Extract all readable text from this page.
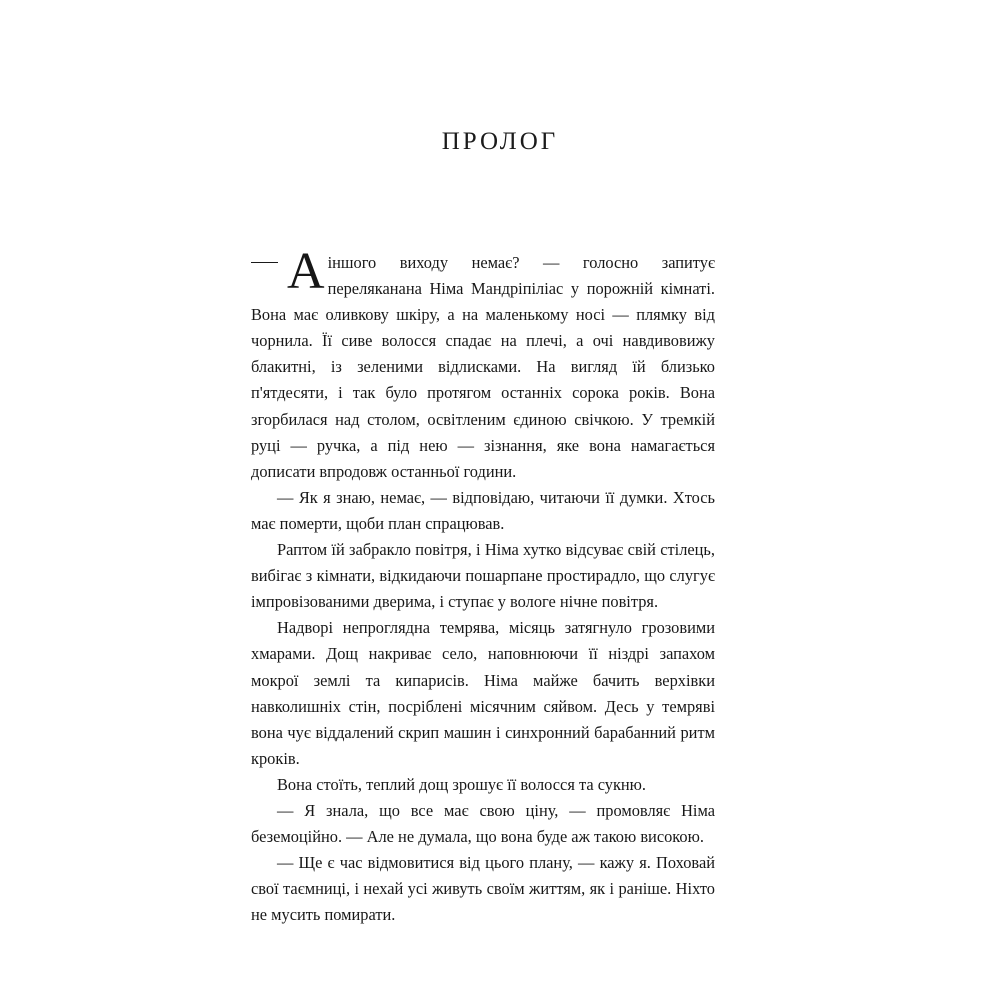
ПРОЛОГ

А іншого виходу немає? — голосно запитує переляканана Німа Мандріпіліас у порожній кімнаті. Вона має оливкову шкіру, а на маленькому носі — плямку від чорнила. Її сиве волосся спадає на плечі, а очі навдивовижу блакитні, із зеленими відлисками. На вигляд їй близько п'ятдесяти, і так було протягом останніх сорока років. Вона згорбилася над столом, освітленим єдиною свічкою. У тремкій руці — ручка, а під нею — зізнання, яке вона намагається дописати впродовж останньої години.

— Як я знаю, немає, — відповідаю, читаючи її думки. Хтось має померти, щоби план спрацював.

Раптом їй забракло повітря, і Німа хутко відсуває свій стілець, вибігає з кімнати, відкидаючи пошарпане простирадло, що слугує імпровізованими дверима, і ступає у вологе нічне повітря.

Надворі непроглядна темрява, місяць затягнуло грозовими хмарами. Дощ накриває село, наповнюючи її ніздрі запахом мокрої землі та кипарисів. Німа майже бачить верхівки навколишніх стін, посріблені місячним сяйвом. Десь у темряві вона чує віддалений скрип машин і синхронний барабанний ритм кроків.

Вона стоїть, теплий дощ зрошує її волосся та сукню.

— Я знала, що все має свою ціну, — промовляє Німа беземоційно. — Але не думала, що вона буде аж такою високою.

— Ще є час відмовитися від цього плану, — кажу я. Поховай свої таємниці, і нехай усі живуть своїм життям, як і раніше. Ніхто не мусить помирати.
